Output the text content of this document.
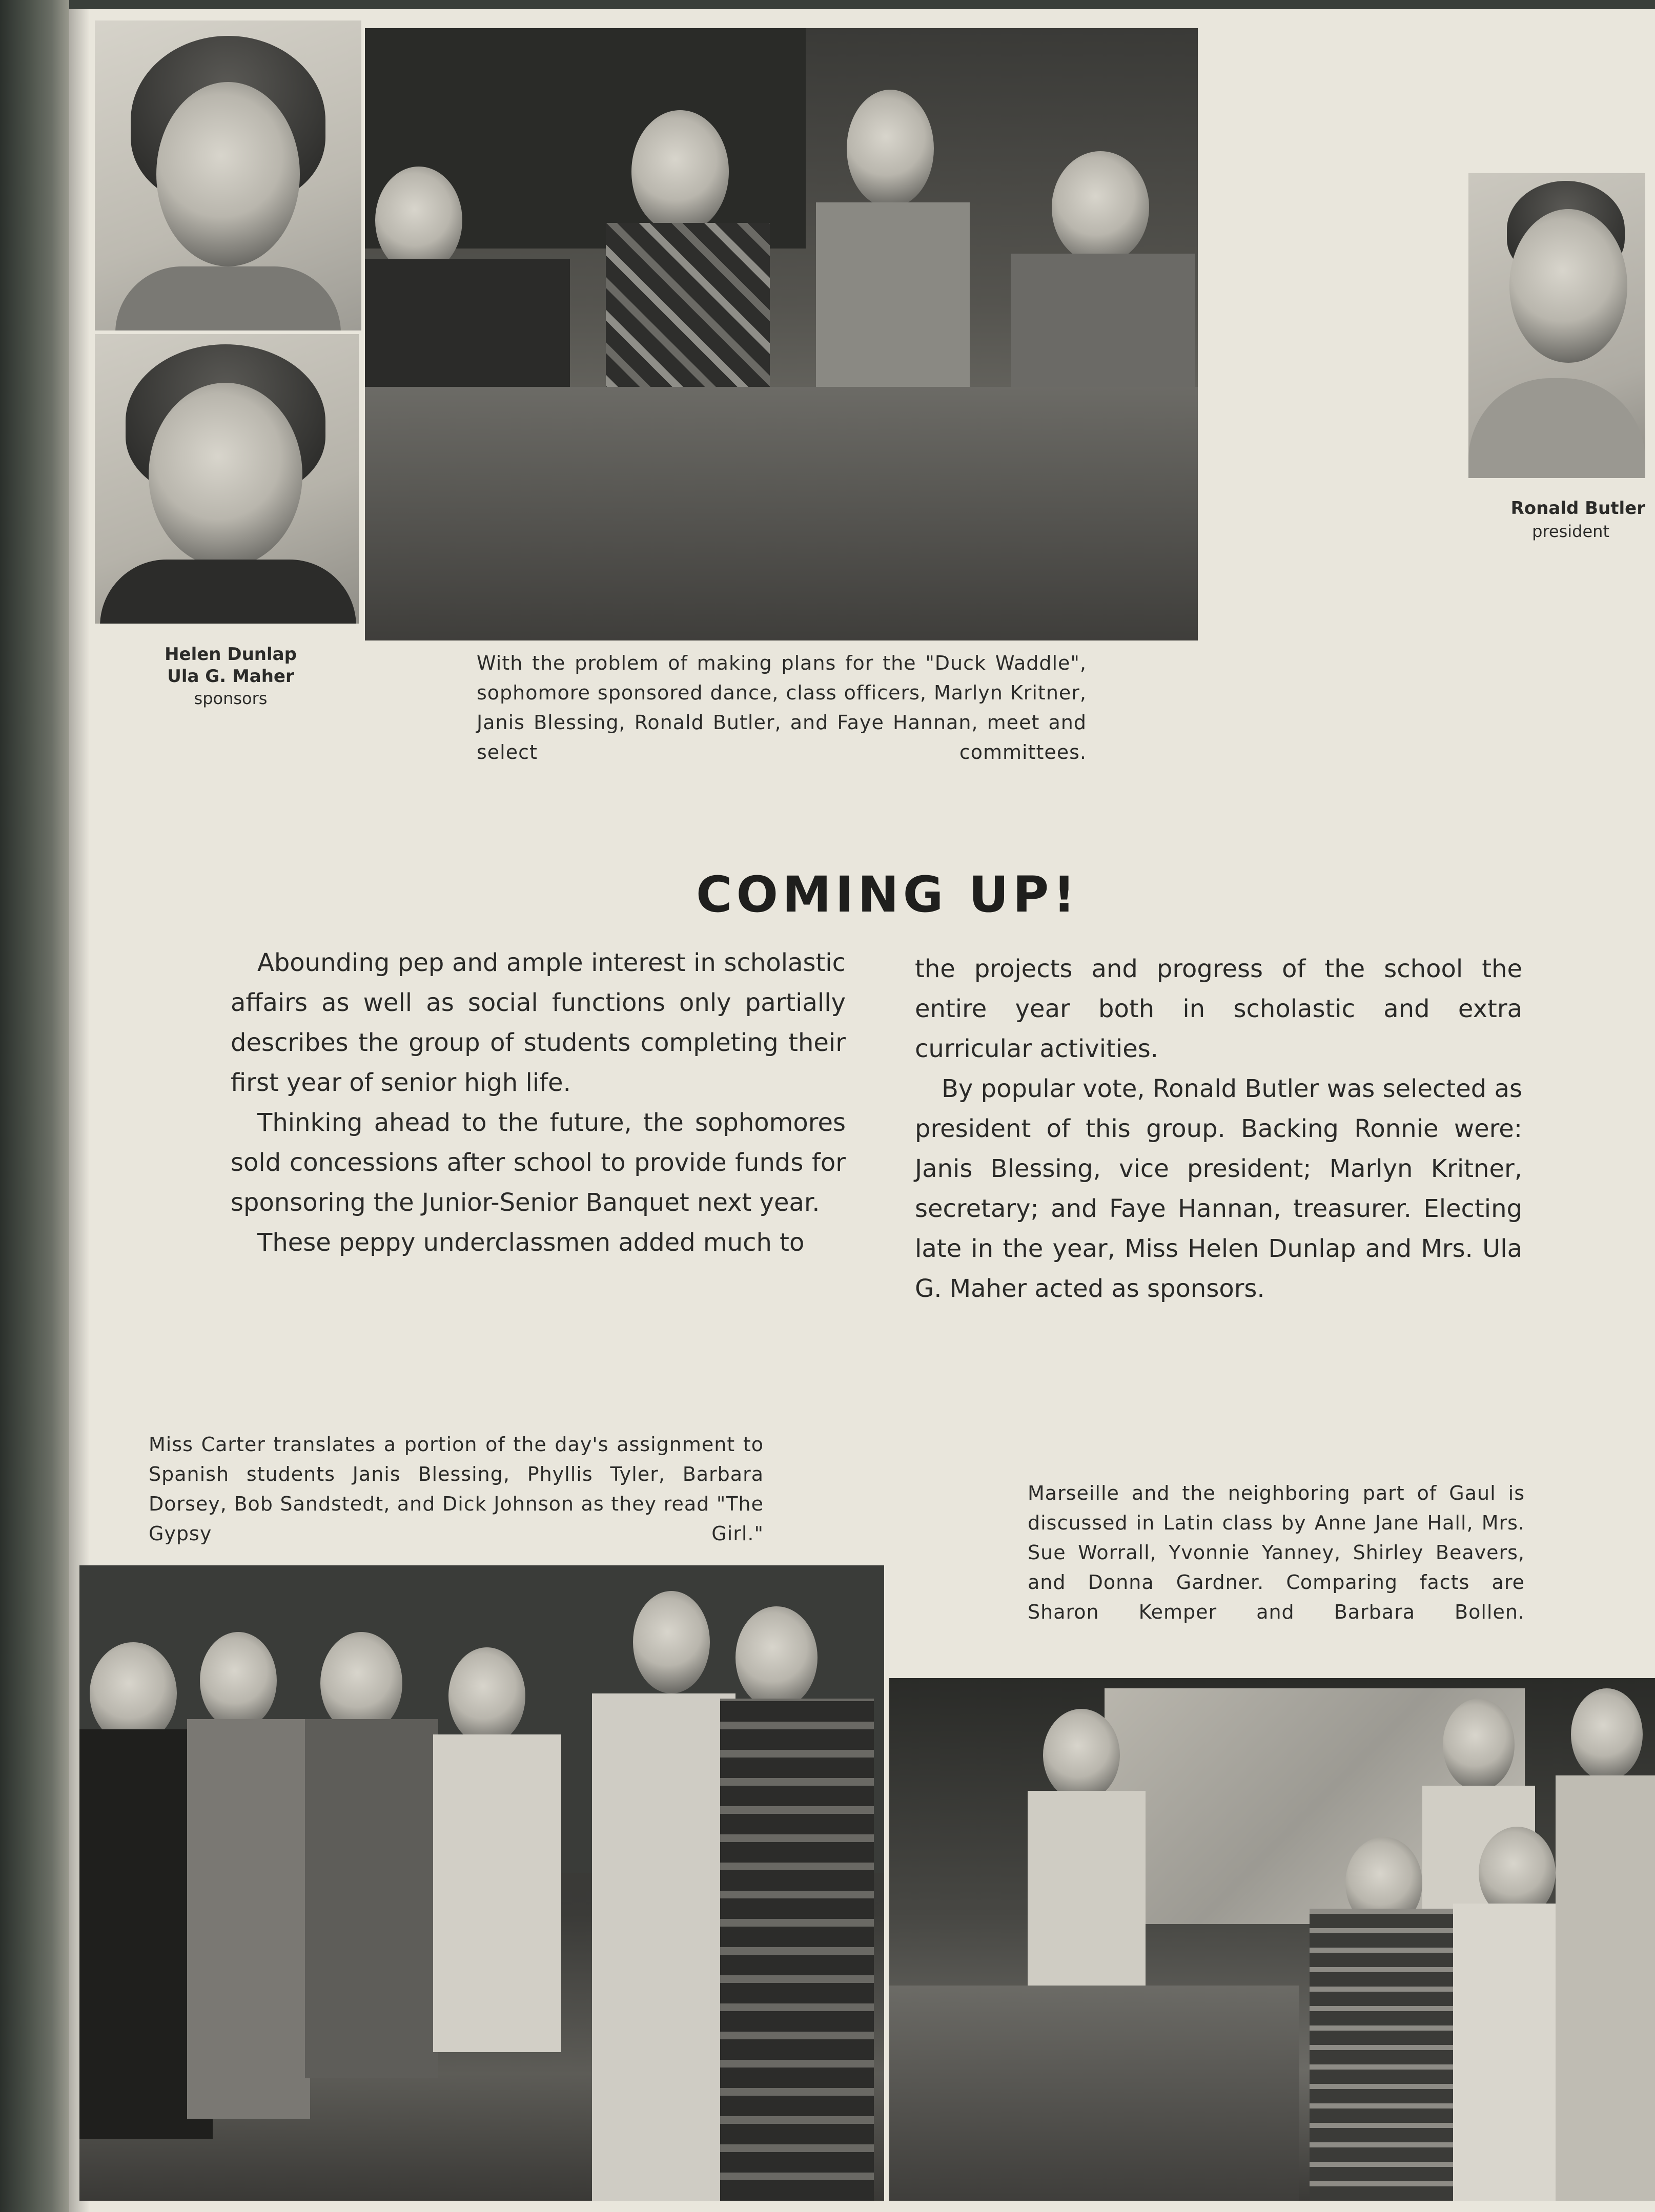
Helen Dunlap
Ula G. Maher
sponsors
With the problem of making plans for the "Duck Waddle", sophomore sponsored dance, class officers, Marlyn Kritner, Janis Blessing, Ronald Butler, and Faye Hannan, meet and select committees.
Ronald Butler
president
COMING UP!

Abounding pep and ample interest in scholastic affairs as well as social functions only partially describes the group of students completing their first year of senior high life.

Thinking ahead to the future, the sophomores sold concessions after school to provide funds for sponsoring the Junior-Senior Banquet next year.

These peppy underclassmen added much to

the projects and progress of the school the entire year both in scholastic and extra curricular activities.

By popular vote, Ronald Butler was selected as president of this group. Backing Ronnie were: Janis Blessing, vice president; Marlyn Kritner, secretary; and Faye Hannan, treasurer. Electing late in the year, Miss Helen Dunlap and Mrs. Ula G. Maher acted as sponsors.

Miss Carter translates a portion of the day's assignment to Spanish students Janis Blessing, Phyllis Tyler, Barbara Dorsey, Bob Sandstedt, and Dick Johnson as they read "The Gypsy Girl."
Marseille and the neighboring part of Gaul is discussed in Latin class by Anne Jane Hall, Mrs. Sue Worrall, Yvonnie Yanney, Shirley Beavers, and Donna Gardner. Comparing facts are Sharon Kemper and Barbara Bollen.
